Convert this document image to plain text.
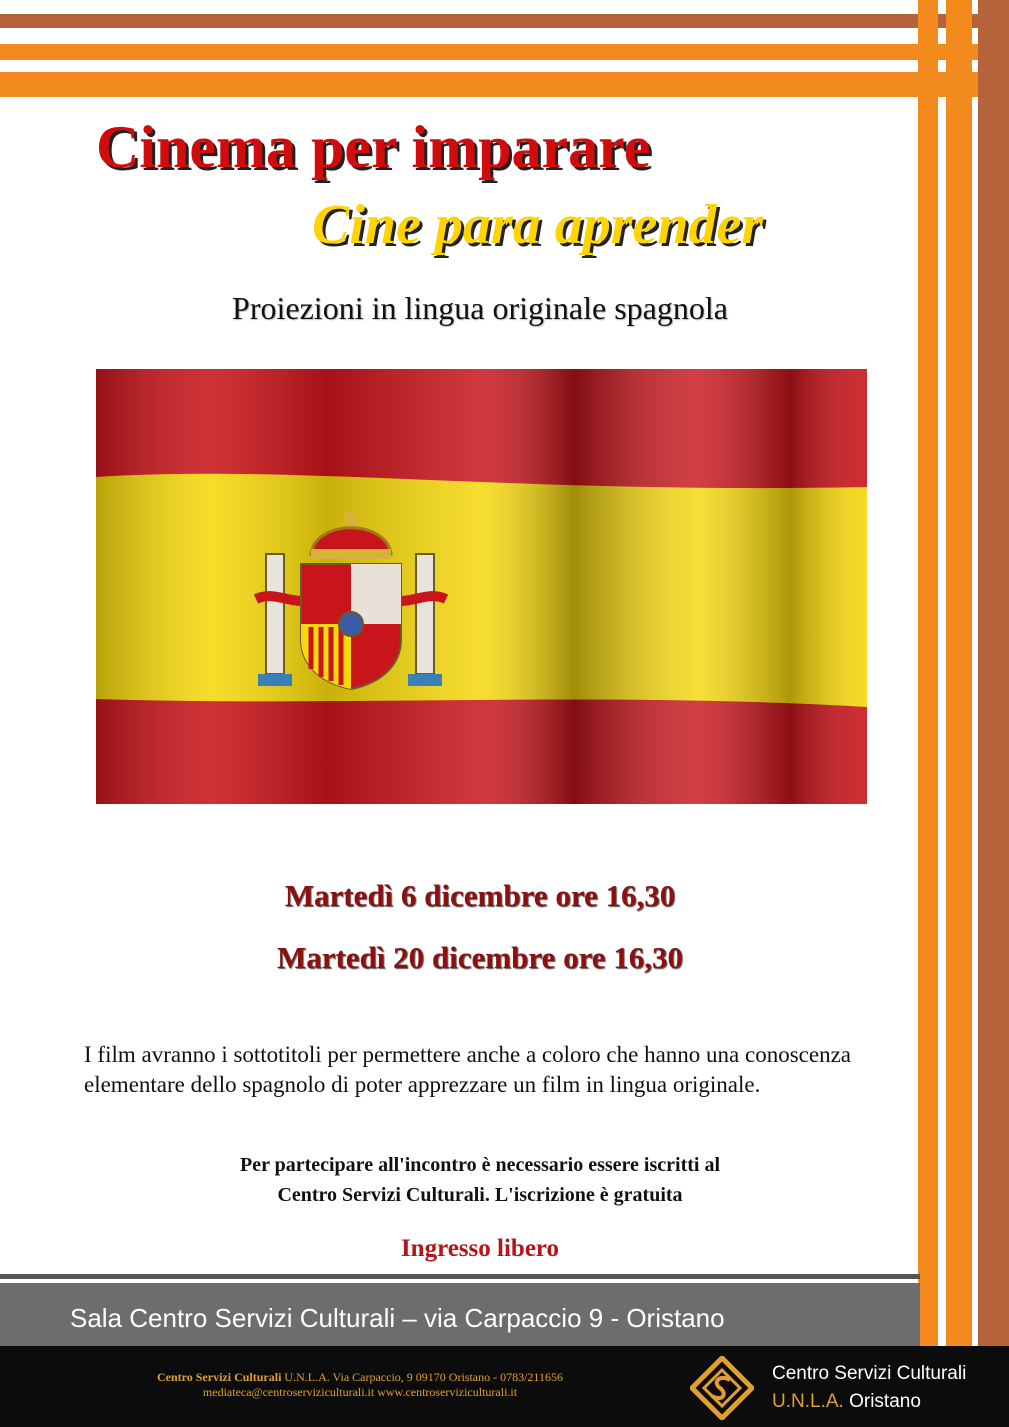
Cinema per imparare
Cine para aprender
Proiezioni in lingua originale spagnola
Martedì 6 dicembre ore 16,30
Martedì 20 dicembre ore 16,30
I film avranno i sottotitoli per permettere anche a coloro che hanno una conoscenza elementare dello spagnolo di poter apprezzare un film in lingua originale.
Per partecipare all'incontro è necessario essere iscritti al
Centro Servizi Culturali. L'iscrizione è gratuita
Ingresso libero
Sala Centro Servizi Culturali – via Carpaccio 9 - Oristano
Centro Servizi Culturali U.N.L.A. Via Carpaccio, 9 09170 Oristano - 0783/211656
mediateca@centroserviziculturali.it www.centroserviziculturali.it
Centro Servizi Culturali
U.N.L.A. Oristano
